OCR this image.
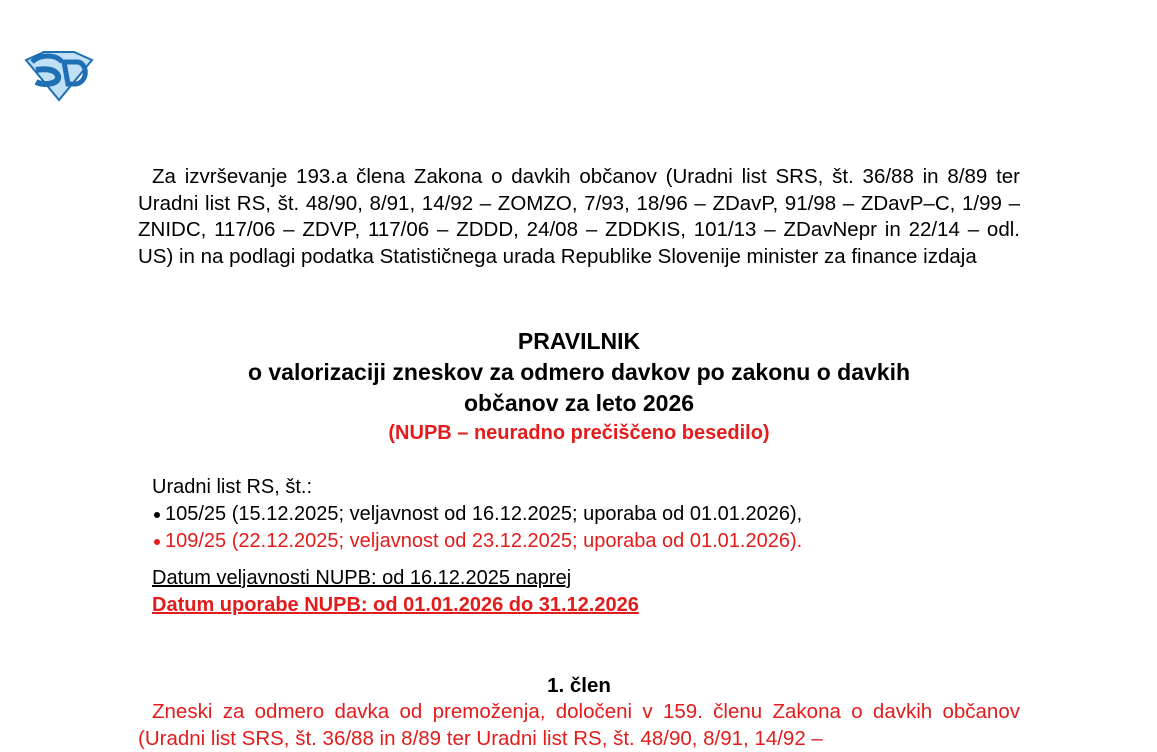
Za izvrševanje 193.a člena Zakona o davkih občanov (Uradni list SRS, št. 36/88 in 8/89 ter Uradni list RS, št. 48/90, 8/91, 14/92 – ZOMZO, 7/93, 18/96 – ZDavP, 91/98 – ZDavP–C, 1/99 – ZNIDC, 117/06 – ZDVP, 117/06 – ZDDD, 24/08 – ZDDKIS, 101/13 – ZDavNepr in 22/14 – odl. US) in na podlagi podatka Statističnega urada Republike Slovenije minister za finance izdaja
PRAVILNIK
o valorizaciji zneskov za odmero davkov po zakonu o davkih
občanov za leto 2026
(NUPB – neuradno prečiščeno besedilo)
Uradni list RS, št.:
105/25 (15.12.2025; veljavnost od 16.12.2025; uporaba od 01.01.2026),
109/25 (22.12.2025; veljavnost od 23.12.2025; uporaba od 01.01.2026).
Datum veljavnosti NUPB: od 16.12.2025 naprej
Datum uporabe NUPB: od 01.01.2026 do 31.12.2026
1. člen
Zneski za odmero davka od premoženja, določeni v 159. členu Zakona o davkih občanov (Uradni list SRS, št. 36/88 in 8/89 ter Uradni list RS, št. 48/90, 8/91, 14/92 –
